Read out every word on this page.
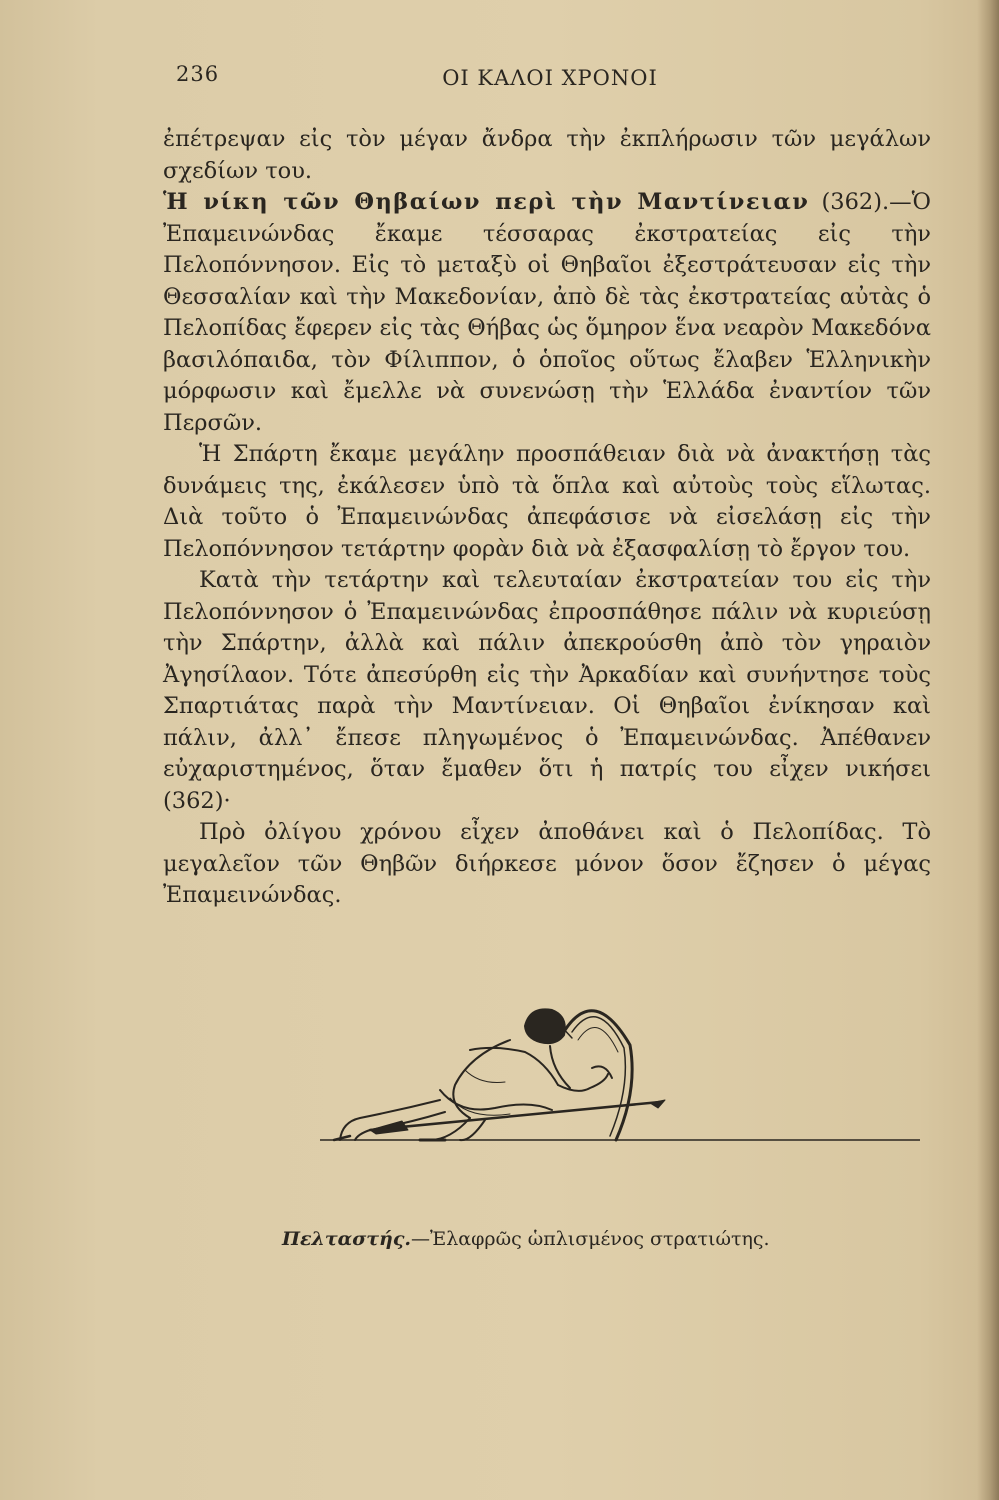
236	ΟΙ ΚΑΛΟΙ ΧΡΟΝΟΙ

ἐπέτρεψαν εἰς τὸν μέγαν ἄνδρα τὴν ἐκπλήρωσιν τῶν μεγάλων σχεδίων του.

Ἡ νίκη τῶν Θηβαίων περὶ τὴν Μαντίνειαν (362).—Ὁ Ἐπαμεινώνδας ἔκαμε τέσσαρας ἐκστρατείας εἰς τὴν Πελοπόννησον. Εἰς τὸ μεταξὺ οἱ Θηβαῖοι ἐξεστράτευσαν εἰς τὴν Θεσσαλίαν καὶ τὴν Μακεδονίαν, ἀπὸ δὲ τὰς ἐκστρατείας αὐτὰς ὁ Πελοπίδας ἔφερεν εἰς τὰς Θήβας ὡς ὅμηρον ἕνα νεαρὸν Μακεδόνα βασιλόπαιδα, τὸν Φίλιππον, ὁ ὁποῖος οὕτως ἔλαβεν Ἑλληνικὴν μόρφωσιν καὶ ἔμελλε νὰ συνενώσῃ τὴν Ἑλλάδα ἐναντίον τῶν Περσῶν.

Ἡ Σπάρτη ἔκαμε μεγάλην προσπάθειαν διὰ νὰ ἀνακτήσῃ τὰς δυνάμεις της, ἐκάλεσεν ὑπὸ τὰ ὅπλα καὶ αὐτοὺς τοὺς εἵλωτας. Διὰ τοῦτο ὁ Ἐπαμεινώνδας ἀπεφάσισε νὰ εἰσελάσῃ εἰς τὴν Πελοπόννησον τετάρτην φορὰν διὰ νὰ ἐξασφαλίσῃ τὸ ἔργον του.

Κατὰ τὴν τετάρτην καὶ τελευταίαν ἐκστρατείαν του εἰς τὴν Πελοπόννησον ὁ Ἐπαμεινώνδας ἐπροσπάθησε πάλιν νὰ κυριεύσῃ τὴν Σπάρτην, ἀλλὰ καὶ πάλιν ἀπεκρούσθη ἀπὸ τὸν γηραιὸν Ἀγησίλαον. Τότε ἀπεσύρθη εἰς τὴν Ἀρκαδίαν καὶ συνήντησε τοὺς Σπαρτιάτας παρὰ τὴν Μαντίνειαν. Οἱ Θηβαῖοι ἐνίκησαν καὶ πάλιν, ἀλλ᾽ ἔπεσε πληγωμένος ὁ Ἐπαμεινώνδας. Ἀπέθανεν εὐχαριστημένος, ὅταν ἔμαθεν ὅτι ἡ πατρίς του εἶχεν νικήσει (362)·

Πρὸ ὀλίγου χρόνου εἶχεν ἀποθάνει καὶ ὁ Πελοπίδας. Τὸ μεγαλεῖον τῶν Θηβῶν διήρκεσε μόνον ὅσον ἔζησεν ὁ μέγας Ἐπαμεινώνδας.

Πελταστής.—Ἐλαφρῶς ὡπλισμένος στρατιώτης.
